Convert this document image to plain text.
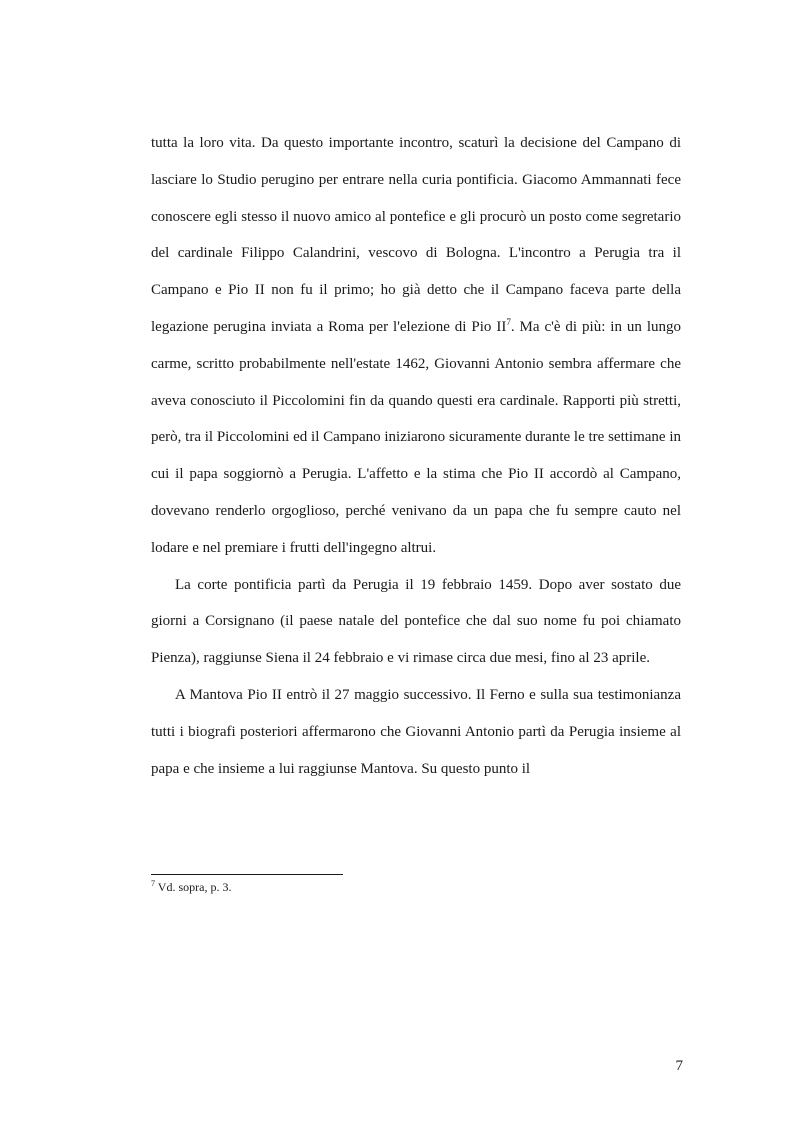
tutta la loro vita. Da questo importante incontro, scaturì la decisione del Campano di lasciare lo Studio perugino per entrare nella curia pontificia. Giacomo Ammannati fece conoscere egli stesso il nuovo amico al pontefice e gli procurò un posto come segretario del cardinale Filippo Calandrini, vescovo di Bologna. L'incontro a Perugia tra il Campano e Pio II non fu il primo; ho già detto che il Campano faceva parte della legazione perugina inviata a Roma per l'elezione di Pio $II^7$. Ma c'è di più: in un lungo carme, scritto probabilmente nell'estate 1462, Giovanni Antonio sembra affermare che aveva conosciuto il Piccolomini fin da quando questi era cardinale. Rapporti più stretti, però, tra il Piccolomini ed il Campano iniziarono sicuramente durante le tre settimane in cui il papa soggiornò a Perugia. L'affetto e la stima che Pio II accordò al Campano, dovevano renderlo orgoglioso, perché venivano da un papa che fu sempre cauto nel lodare e nel premiare i frutti dell'ingegno altrui.

La corte pontificia partì da Perugia il 19 febbraio 1459. Dopo aver sostato due giorni a Corsignano (il paese natale del pontefice che dal suo nome fu poi chiamato Pienza), raggiunse Siena il 24 febbraio e vi rimase circa due mesi, fino al 23 aprile.

A Mantova Pio II entrò il 27 maggio successivo. Il Ferno e sulla sua testimonianza tutti i biografi posteriori affermarono che Giovanni Antonio partì da Perugia insieme al papa e che insieme a lui raggiunse Mantova. Su questo punto il

$^7$ Vd. sopra, p. 3.
7
